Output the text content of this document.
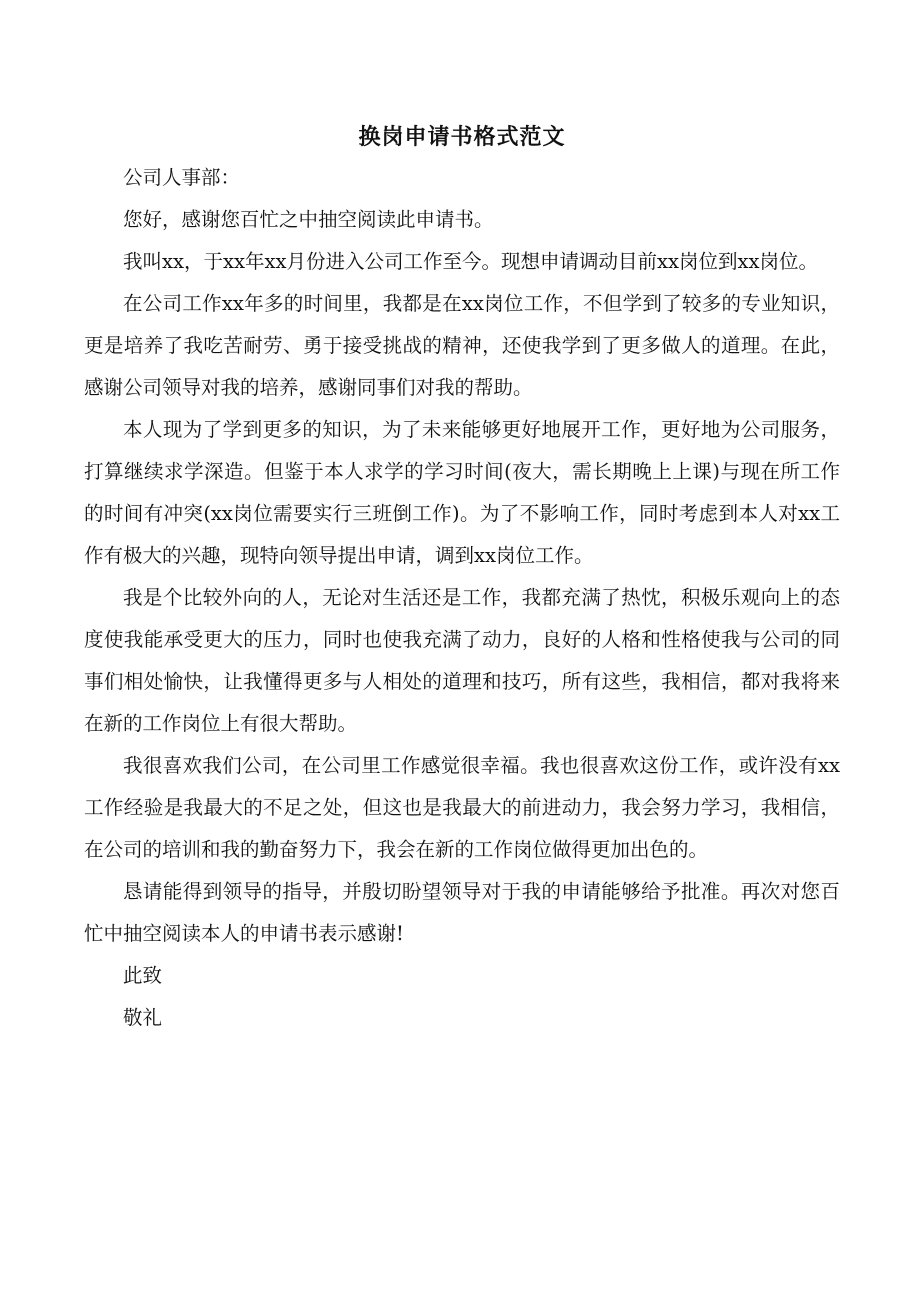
换岗申请书格式范文

公司人事部：

您好，感谢您百忙之中抽空阅读此申请书。

我叫xx，于xx年xx月份进入公司工作至今。现想申请调动目前xx岗位到xx岗位。

在公司工作xx年多的时间里，我都是在xx岗位工作，不但学到了较多的专业知识，更是培养了我吃苦耐劳、勇于接受挑战的精神，还使我学到了更多做人的道理。在此，感谢公司领导对我的培养，感谢同事们对我的帮助。

本人现为了学到更多的知识，为了未来能够更好地展开工作，更好地为公司服务，打算继续求学深造。但鉴于本人求学的学习时间(夜大，需长期晚上上课)与现在所工作的时间有冲突(xx岗位需要实行三班倒工作)。为了不影响工作，同时考虑到本人对xx工作有极大的兴趣，现特向领导提出申请，调到xx岗位工作。

我是个比较外向的人，无论对生活还是工作，我都充满了热忱，积极乐观向上的态度使我能承受更大的压力，同时也使我充满了动力，良好的人格和性格使我与公司的同事们相处愉快，让我懂得更多与人相处的道理和技巧，所有这些，我相信，都对我将来在新的工作岗位上有很大帮助。

我很喜欢我们公司，在公司里工作感觉很幸福。我也很喜欢这份工作，或许没有xx工作经验是我最大的不足之处，但这也是我最大的前进动力，我会努力学习，我相信，在公司的培训和我的勤奋努力下，我会在新的工作岗位做得更加出色的。

恳请能得到领导的指导，并殷切盼望领导对于我的申请能够给予批准。再次对您百忙中抽空阅读本人的申请书表示感谢!

此致

敬礼
